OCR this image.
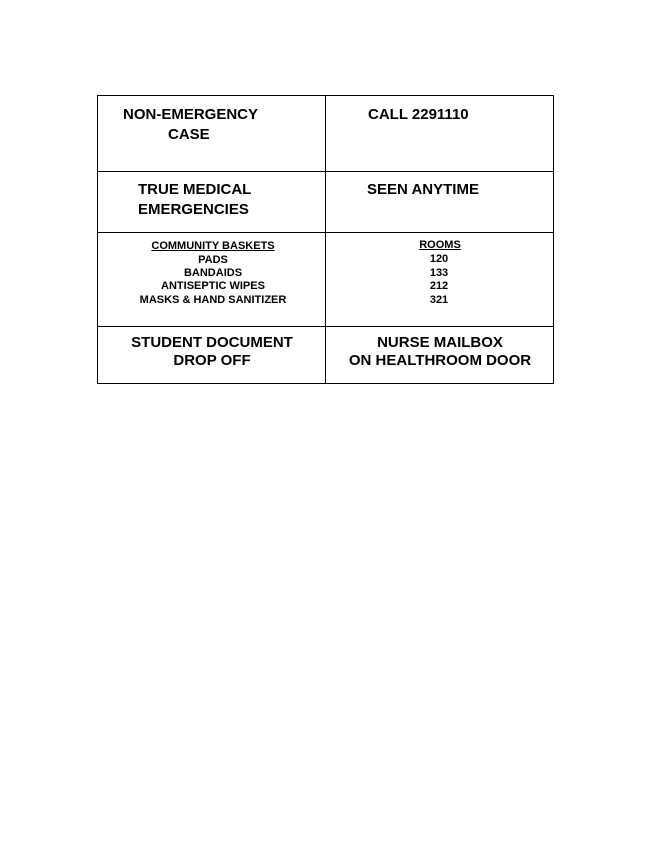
NON-EMERGENCY
CASE
CALL 2291110
TRUE MEDICAL
EMERGENCIES
SEEN ANYTIME
COMMUNITY BASKETS
PADS
BANDAIDS
ANTISEPTIC WIPES
MASKS & HAND SANITIZER
ROOMS
120
133
212
321
STUDENT DOCUMENT
DROP OFF
NURSE MAILBOX
ON HEALTHROOM DOOR
